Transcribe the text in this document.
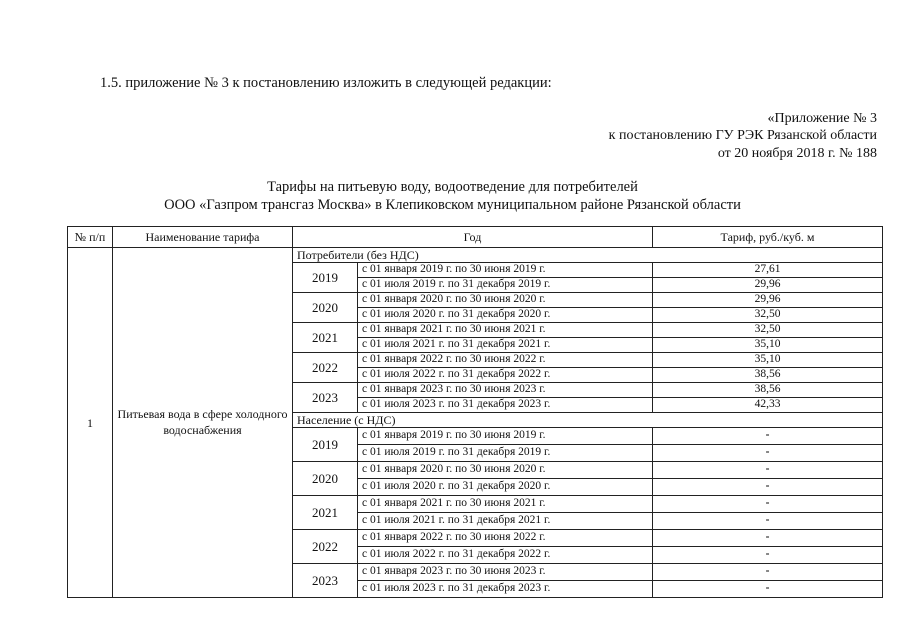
1.5. приложение № 3 к постановлению изложить в следующей редакции:
«Приложение № 3
к постановлению ГУ РЭК Рязанской области
от 20 ноября 2018 г. № 188
Тарифы на питьевую воду, водоотведение для потребителей
ООО «Газпром трансгаз Москва» в Клепиковском муниципальном районе Рязанской области
№ п/п	Наименование тарифа	Год		Тариф, руб./куб. м
1	Питьевая вода в сфере холодного водоснабжения	Потребители (без НДС)		
		2019	с 01 января 2019 г. по 30 июня 2019 г.	27,61
			с 01 июля 2019 г. по 31 декабря 2019 г.	29,96
		2020	с 01 января 2020 г. по 30 июня 2020 г.	29,96
			с 01 июля 2020 г. по 31 декабря 2020 г.	32,50
		2021	с 01 января 2021 г. по 30 июня 2021 г.	32,50
			с 01 июля 2021 г. по 31 декабря 2021 г.	35,10
		2022	с 01 января 2022 г. по 30 июня 2022 г.	35,10
			с 01 июля 2022 г. по 31 декабря 2022 г.	38,56
		2023	с 01 января 2023 г. по 30 июня 2023 г.	38,56
			с 01 июля 2023 г. по 31 декабря 2023 г.	42,33
		Население (с НДС)		
		2019	с 01 января 2019 г. по 30 июня 2019 г.	-
			с 01 июля 2019 г. по 31 декабря 2019 г.	-
		2020	с 01 января 2020 г. по 30 июня 2020 г.	-
			с 01 июля 2020 г. по 31 декабря 2020 г.	-
		2021	с 01 января 2021 г. по 30 июня 2021 г.	-
			с 01 июля 2021 г. по 31 декабря 2021 г.	-
		2022	с 01 января 2022 г. по 30 июня 2022 г.	-
			с 01 июля 2022 г. по 31 декабря 2022 г.	-
		2023	с 01 января 2023 г. по 30 июня 2023 г.	-
			с 01 июля 2023 г. по 31 декабря 2023 г.	-
